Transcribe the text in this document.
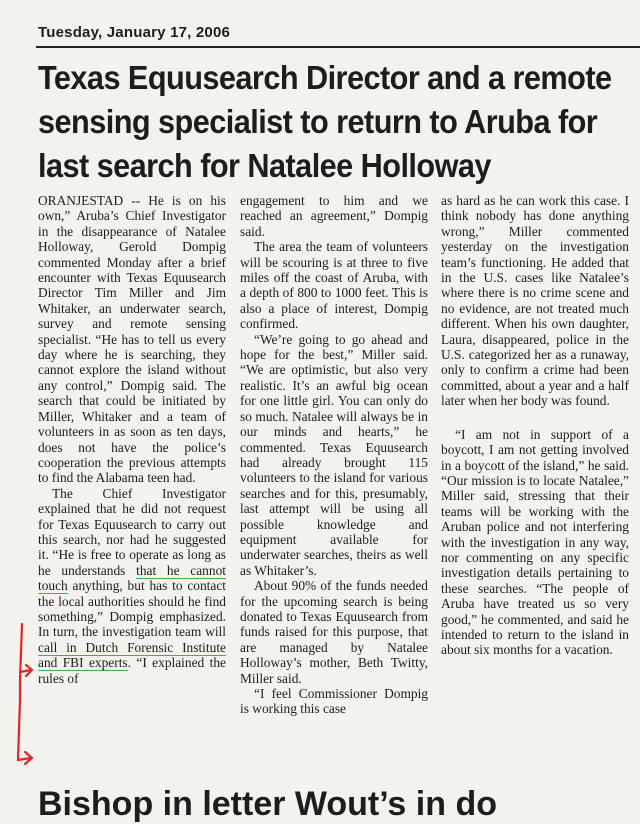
Tuesday, January 17, 2006
Texas Equusearch Director and a remote
sensing specialist to return to Aruba for
last search for Natalee Holloway

ORANJESTAD -- He is on his own,” Aruba’s Chief Investigator in the disappearance of Natalee Holloway, Gerold Dompig commented Monday after a brief encounter with Texas Equusearch Director Tim Miller and Jim Whitaker, an underwater search, survey and remote sensing specialist. “He has to tell us every day where he is searching, they cannot explore the island without any control,” Dompig said. The search that could be initiated by Miller, Whitaker and a team of volunteers in as soon as ten days, does not have the police’s cooperation the previous attempts to find the Alabama teen had.

The Chief Investigator explained that he did not request for Texas Equusearch to carry out this search, nor had he suggested it. “He is free to operate as long as he understands that he cannot touch anything, but has to contact the local authorities should he find something,” Dompig emphasized. In turn, the investigation team will call in Dutch Forensic Institute and FBI experts. “I explained the rules of

engagement to him and we reached an agreement,” Dompig said.

The area the team of volunteers will be scouring is at three to five miles off the coast of Aruba, with a depth of 800 to 1000 feet. This is also a place of interest, Dompig confirmed.

“We’re going to go ahead and hope for the best,” Miller said. “We are optimistic, but also very realistic. It’s an awful big ocean for one little girl. You can only do so much. Natalee will always be in our minds and hearts,” he commented. Texas Equusearch had already brought 115 volunteers to the island for various searches and for this, presumably, last attempt will be using all possible knowledge and equipment available for underwater searches, theirs as well as Whitaker’s.

About 90% of the funds needed for the upcoming search is being donated to Texas Equusearch from funds raised for this purpose, that are managed by Natalee Holloway’s mother, Beth Twitty, Miller said.

“I feel Commissioner Dompig is working this case

as hard as he can work this case. I think nobody has done anything wrong,” Miller commented yesterday on the investigation team’s functioning. He added that in the U.S. cases like Natalee’s where there is no crime scene and no evidence, are not treated much different. When his own daughter, Laura, disappeared, police in the U.S. categorized her as a runaway, only to confirm a crime had been committed, about a year and a half later when her body was found.

“I am not in support of a boycott, I am not getting involved in a boycott of the island,” he said. “Our mission is to locate Natalee,” Miller said, stressing that their teams will be working with the Aruban police and not interfering with the investigation in any way, nor commenting on any specific investigation details pertaining to these searches. “The people of Aruba have treated us so very good,” he commented, and said he intended to return to the island in about six months for a vacation.

Bishop in letter Wout’s in do
